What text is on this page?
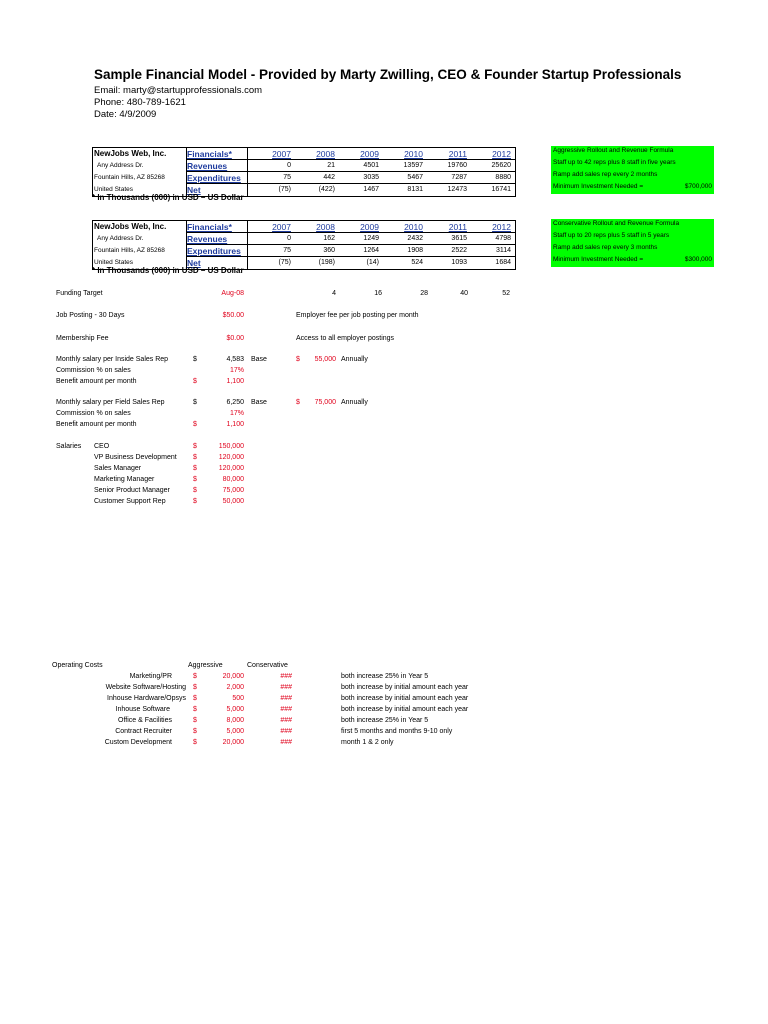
Sample Financial Model - Provided by Marty Zwilling, CEO & Founder Startup Professionals
Email: marty@startupprofessionals.com
Phone: 480-789-1621
Date: 4/9/2009
NewJobs Web, Inc. Financials*	2007	2008	2009	2010	2011	2012
Any Address Dr.	Revenues	0	21	4501	13597	19760	25620
Fountain Hills, AZ 85268	Expenditures	75	442	3035	5467	7287	8880
United States	Net	(75)	(422)	1467	8131	12473	16741
* In Thousands (000) in USD – US Dollar
NewJobs Web, Inc. Financials*	2007	2008	2009	2010	2011	2012
Any Address Dr.	Revenues	0	162	1249	2432	3615	4798
Fountain Hills, AZ 85268	Expenditures	75	360	1264	1908	2522	3114
United States	Net	(75)	(198)	(14)	524	1093	1684
* In Thousands (000) in USD – US Dollar
Aggressive Rollout and Revenue Formula
Staff up to 42 reps plus 8 staff in five years
Ramp add sales rep every 2 months
Minimum Investment Needed =	$700,000
Conservative Rollout and Revenue Formula
Staff up to 20 reps plus 5 staff in 5 years
Ramp add sales rep every 3 months
Minimum Investment Needed =	$300,000
Funding Target	Aug-08	4	16	28	40	52
Job Posting - 30 Days	$50.00	Employer fee per job posting per month
Membership Fee	$0.00	Access to all employer postings
Monthly salary per Inside Sales Rep	$	4,583 Base	$	55,000 Annually
Commission % on sales	17%
Benefit amount per month	$	1,100
Monthly salary per Field Sales Rep	$	6,250 Base	$	75,000 Annually
Commission % on sales	17%
Benefit amount per month	$	1,100
Salaries CEO	$	150,000
VP Business Development $	120,000
Sales Manager	$	120,000
Marketing Manager	$	80,000
Senior Product Manager	$	75,000
Customer Support Rep	$	50,000
Operating Costs	Aggressive	Conservative
Marketing/PR	$	20,000	###	both increase 25% in Year 5
Website Software/Hosting $	2,000	###	both increase by initial amount each year
Inhouse Hardware/Opsys $	500	###	both increase by initial amount each year
Inhouse Software	$	5,000	###	both increase by initial amount each year
Office & Facilities	$	8,000	###	both increase 25% in Year 5
Contract Recruiter	$	5,000	###	first 5 months and months 9-10 only
Custom Development	$	20,000	###	month 1 & 2 only
